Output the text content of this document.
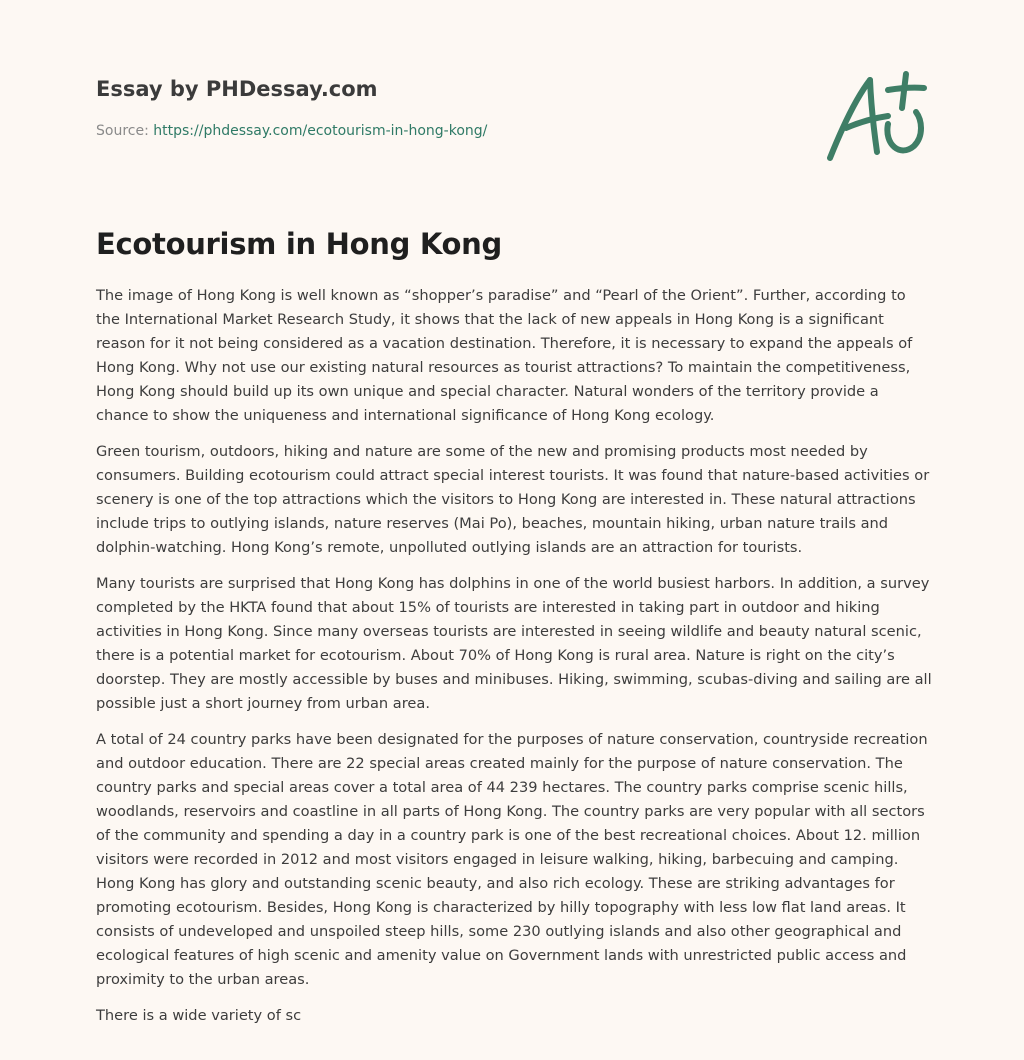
Essay by PHDessay.com
Source: https://phdessay.com/ecotourism-in-hong-kong/
Ecotourism in Hong Kong

The image of Hong Kong is well known as “shopper’s paradise” and “Pearl of the Orient”. Further, according to the International Market Research Study, it shows that the lack of new appeals in Hong Kong is a significant reason for it not being considered as a vacation destination. Therefore, it is necessary to expand the appeals of Hong Kong. Why not use our existing natural resources as tourist attractions? To maintain the competitiveness, Hong Kong should build up its own unique and special character. Natural wonders of the territory provide a chance to show the uniqueness and international significance of Hong Kong ecology.

Green tourism, outdoors, hiking and nature are some of the new and promising products most needed by consumers. Building ecotourism could attract special interest tourists. It was found that nature-based activities or scenery is one of the top attractions which the visitors to Hong Kong are interested in. These natural attractions include trips to outlying islands, nature reserves (Mai Po), beaches, mountain hiking, urban nature trails and dolphin-watching. Hong Kong’s remote, unpolluted outlying islands are an attraction for tourists.

Many tourists are surprised that Hong Kong has dolphins in one of the world busiest harbors. In addition, a survey completed by the HKTA found that about 15% of tourists are interested in taking part in outdoor and hiking activities in Hong Kong. Since many overseas tourists are interested in seeing wildlife and beauty natural scenic, there is a potential market for ecotourism. About 70% of Hong Kong is rural area. Nature is right on the city’s doorstep. They are mostly accessible by buses and minibuses. Hiking, swimming, scubas-diving and sailing are all possible just a short journey from urban area.

A total of 24 country parks have been designated for the purposes of nature conservation, countryside recreation and outdoor education. There are 22 special areas created mainly for the purpose of nature conservation. The country parks and special areas cover a total area of 44 239 hectares. The country parks comprise scenic hills, woodlands, reservoirs and coastline in all parts of Hong Kong. The country parks are very popular with all sectors of the community and spending a day in a country park is one of the best recreational choices. About 12. million visitors were recorded in 2012 and most visitors engaged in leisure walking, hiking, barbecuing and camping. Hong Kong has glory and outstanding scenic beauty, and also rich ecology. These are striking advantages for promoting ecotourism. Besides, Hong Kong is characterized by hilly topography with less low flat land areas. It consists of undeveloped and unspoiled steep hills, some 230 outlying islands and also other geographical and ecological features of high scenic and amenity value on Government lands with unrestricted public access and proximity to the urban areas.

There is a wide variety of sc
